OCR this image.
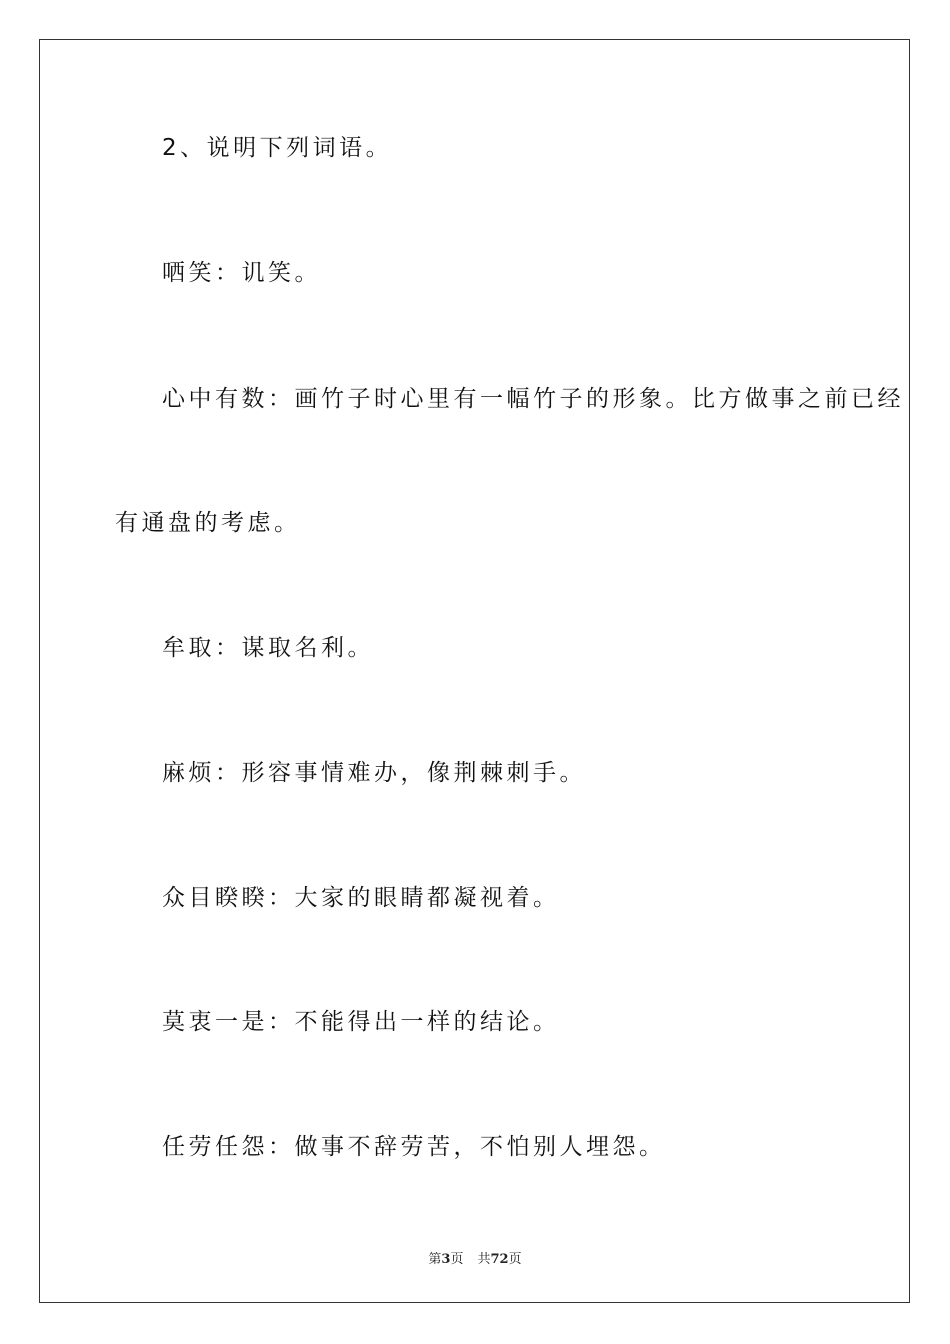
2、说明下列词语。
哂笑：讥笑。
心中有数：画竹子时心里有一幅竹子的形象。比方做事之前已经
有通盘的考虑。
牟取：谋取名利。
麻烦：形容事情难办，像荆棘刺手。
众目睽睽：大家的眼睛都凝视着。
莫衷一是：不能得出一样的结论。
任劳任怨：做事不辞劳苦，不怕别人埋怨。
第3页 共72页
